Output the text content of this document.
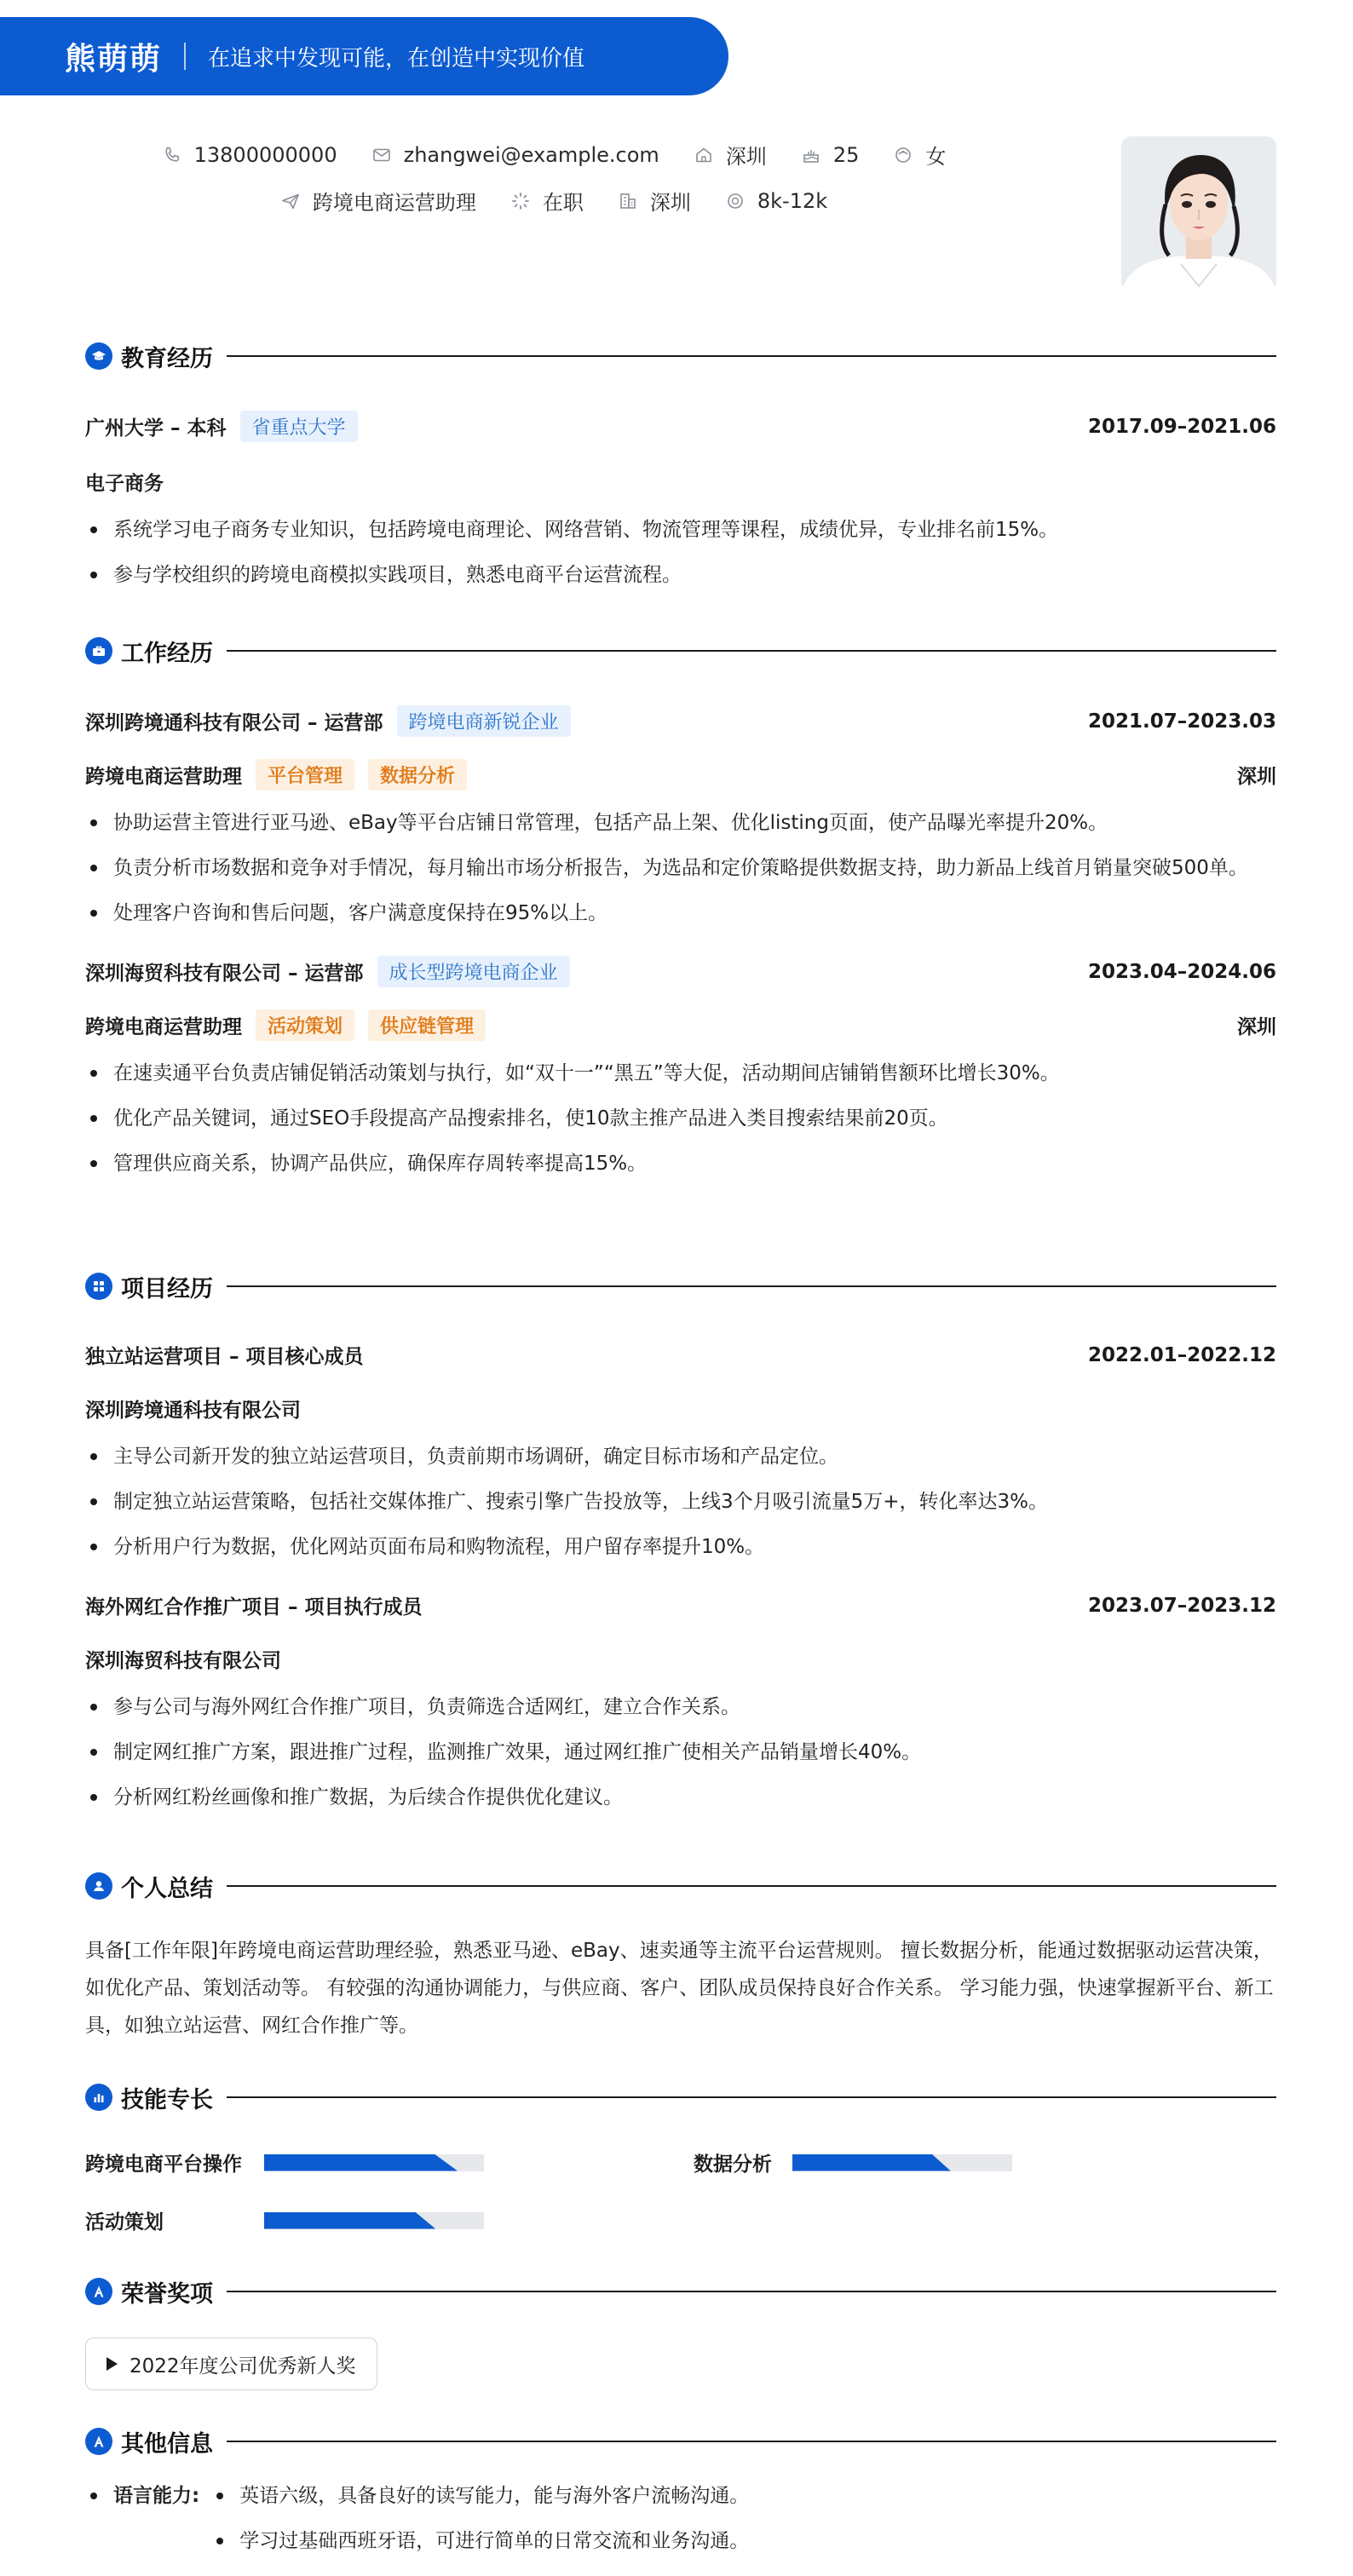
熊萌萌 在追求中发现可能，在创造中实现价值
13800000000	zhangwei@example.com	深圳	25	女
跨境电商运营助理	在职	深圳	8k-12k
教育经历
广州大学 – 本科	省重点大学	2017.09–2021.06
电子商务
系统学习电子商务专业知识，包括跨境电商理论、网络营销、物流管理等课程，成绩优异，专业排名前15%。
参与学校组织的跨境电商模拟实践项目，熟悉电商平台运营流程。
工作经历
深圳跨境通科技有限公司 – 运营部	跨境电商新锐企业	2021.07–2023.03
跨境电商运营助理	平台管理	数据分析	深圳
协助运营主管进行亚马逊、eBay等平台店铺日常管理，包括产品上架、优化listing页面，使产品曝光率提升20%。
负责分析市场数据和竞争对手情况，每月输出市场分析报告，为选品和定价策略提供数据支持，助力新品上线首月销量突破500单。
处理客户咨询和售后问题，客户满意度保持在95%以上。
深圳海贸科技有限公司 – 运营部	成长型跨境电商企业	2023.04–2024.06
跨境电商运营助理	活动策划	供应链管理	深圳
在速卖通平台负责店铺促销活动策划与执行，如“双十一”“黑五”等大促，活动期间店铺销售额环比增长30%。
优化产品关键词，通过SEO手段提高产品搜索排名，使10款主推产品进入类目搜索结果前20页。
管理供应商关系，协调产品供应，确保库存周转率提高15%。
项目经历
独立站运营项目 – 项目核心成员	2022.01–2022.12
深圳跨境通科技有限公司
主导公司新开发的独立站运营项目，负责前期市场调研，确定目标市场和产品定位。
制定独立站运营策略，包括社交媒体推广、搜索引擎广告投放等，上线3个月吸引流量5万+，转化率达3%。
分析用户行为数据，优化网站页面布局和购物流程，用户留存率提升10%。
海外网红合作推广项目 – 项目执行成员	2023.07–2023.12
深圳海贸科技有限公司
参与公司与海外网红合作推广项目，负责筛选合适网红，建立合作关系。
制定网红推广方案，跟进推广过程，监测推广效果，通过网红推广使相关产品销量增长40%。
分析网红粉丝画像和推广数据，为后续合作提供优化建议。
个人总结

具备[工作年限]年跨境电商运营助理经验，熟悉亚马逊、eBay、速卖通等主流平台运营规则。 擅长数据分析，能通过数据驱动运营决策，如优化产品、策划活动等。 有较强的沟通协调能力，与供应商、客户、团队成员保持良好合作关系。 学习能力强，快速掌握新平台、新工具，如独立站运营、网红合作推广等。

技能专长
跨境电商平台操作	数据分析
活动策划
荣誉奖项
2022年度公司优秀新人奖
其他信息
语言能力:	英语六级，具备良好的读写能力，能与海外客户流畅沟通。
学习过基础西班牙语，可进行简单的日常交流和业务沟通。
